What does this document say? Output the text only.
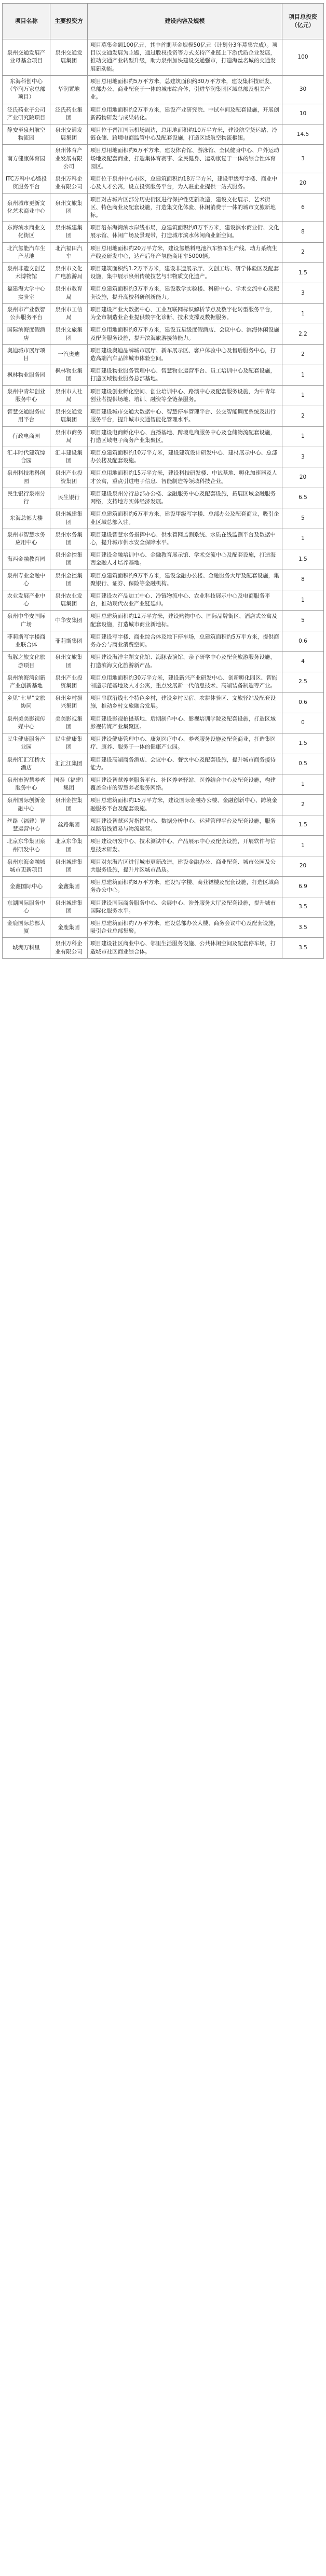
项目名称	主要投资方	建设内容及规模	项目总投资（亿元）
泉州交通发展产业母基金项目	泉州交通发展集团	项目募集金额100亿元，其中首期基金规模50亿元（计划分3年募集完成）。项目以交通发展为主题，通过股权投资等方式支持产业链上下游优质企业发展，推动交通产业转型升级，助力泉州加快建设交通强市，打造海丝名城的交通发展新动能。	100
东海科创中心（华润万家总部项目）	华润置地	项目总用地面积约5万平方米，总建筑面积约30万平方米，建设集科技研发、总部办公、商业配套于一体的城市综合体，引进华润集团区域总部及相关产业。	30
泛氏药业子公司产业研究院项目	泛氏药业集团	项目总用地面积约2万平方米，建设产业研究院、中试车间及配套设施，开展创新药物研发与成果转化。	10
静安至泉州航空物流园	泉州交通发展集团	项目位于晋江国际机场周边，总用地面积约10万平方米，建设航空货运站、冷链仓储、跨境电商监管中心及配套设施，打造区域航空物流枢纽。	14.5
南方健康体育园	泉州体育产业发展有限公司	项目总用地面积约6万平方米，建设体育馆、游泳馆、全民健身中心、户外运动场地及配套商业，打造集体育赛事、全民健身、运动康复于一体的综合性体育园区。	3
ITC万科中心暨投资服务平台	泉州万科企业有限公司	项目位于泉州中心市区，总建筑面积约18万平方米，建设甲级写字楼、商业中心及人才公寓，设立投资服务平台，为入驻企业提供一站式服务。	20
泉州城市更新文化艺术商业中心	泉州文旅集团	项目对古城片区部分历史街区进行保护性更新改造，建设文化展示、艺术街区、特色商业及配套设施，打造集文化体验、休闲消费于一体的城市文旅新地标。	6
东海滨水商业文化街区	泉州城建集团	项目沿东海湾滨水岸线布局，总建筑面积约8万平方米，建设滨水商业街、文化展示馆、休闲广场及景观带，打造城市滨水休闲商业新空间。	8
北汽氢能汽车生产基地	北汽福田汽车	项目总用地面积约20万平方米，建设氢燃料电池汽车整车生产线、动力系统生产线及研发中心，达产后年产氢能商用车5000辆。	2
泉州非遗文创艺术博物馆	泉州市文化广电旅游局	项目建筑面积约1.2万平方米，建设非遗展示厅、文创工坊、研学体验区及配套设施，集中展示泉州传统技艺与非物质文化遗产。	1.5
福建海大学中心实验室	泉州市教育局	项目总建筑面积约3万平方米，建设教学实验楼、科研中心、学术交流中心及配套设施，提升高校科研创新能力。	3
泉州市产业数智公共服务平台	泉州市工信局	项目建设产业大数据中心、工业互联网标识解析节点及数字化转型服务平台，为全市制造业企业提供数字化诊断、技术支撑及数据服务。	1
国际滨海度假酒店	泉州文旅集团	项目总用地面积约8万平方米，建设五星级度假酒店、会议中心、滨海休闲设施及配套服务设施，提升滨海旅游接待能力。	2.2
奥迪城市展厅项目	一汽奥迪	项目建设奥迪品牌城市展厅、新车展示区、客户体验中心及售后服务中心，打造高端汽车品牌城市体验空间。	2
枫林物业服务园	枫林物业集团	项目建设物业服务管理中心、智慧物业运营平台、员工培训中心及配套设施，打造区域物业服务总部基地。	1
泉州中青年创业服务中心	泉州市人社局	项目建设创业孵化空间、创业培训中心、路演中心及配套服务设施，为中青年创业者提供场地、培训、融资等全链条服务。	1
智慧交通服务应用平台	泉州交通发展集团	项目建设城市交通大数据中心、智慧停车管理平台、公交智能调度系统及出行服务平台，提升城市交通智能化管理水平。	2
行政电商园	泉州市商务局	项目建设电商孵化中心、直播基地、跨境电商服务中心及仓储物流配套设施，打造区域电子商务产业集聚区。	1
汇丰时代建筑综合园	汇丰建设集团	项目总建筑面积约10万平方米，建设建筑设计研发中心、建材展示中心、总部办公楼及配套设施。	3
泉州科技港科创园	泉州产业投资集团	项目总用地面积约15万平方米，建设科技研发楼、中试基地、孵化加速器及人才公寓，重点引进电子信息、智能制造等领域科技企业。	20
民生银行泉州分行	民生银行	项目建设泉州分行总部办公楼、金融服务中心及配套设施，拓展区域金融服务网络，支持地方实体经济发展。	6.5
东海总部大楼	泉州城建集团	项目总建筑面积约6万平方米，建设甲级写字楼、总部办公及配套商业，吸引企业区域总部入驻。	5
泉州市智慧水务应用中心	泉州水务集团	项目建设智慧水务指挥中心、供水管网监测系统、水质在线监测平台及数据中心，提升城市供水安全保障水平。	1
海西金融教育园	泉州金控集团	项目建设金融培训中心、金融教育展示馆、学术交流中心及配套设施，打造海西金融人才培养基地。	1.5
泉州专业金融中心	泉州金控集团	项目总建筑面积约9万平方米，建设金融办公楼、金融服务大厅及配套设施，集聚银行、证券、保险等金融机构。	8
农业发展产业中心	泉州农业发展集团	项目建设农产品加工中心、冷链物流中心、农业科技展示中心及电商服务平台，推动现代农业产业链延伸。	1
泉州中华安国际广场	中华安集团	项目总建筑面积约12万平方米，建设购物中心、国际品牌街区、酒店式公寓及配套设施，打造城市商业新地标。	5
菲莉斯写字楼商业联合体	菲莉斯集团	项目建设写字楼、商业综合体及地下停车场，总建筑面积约5万平方米，提供商务办公与商业消费空间。	0.6
海豚之旅文化旅游项目	泉州文旅集团	项目建设海洋主题文化馆、海豚表演馆、亲子研学中心及配套旅游服务设施，打造滨海文化旅游新产品。	4
泉州滨海湾创新产业创新基地	泉州产业投资集团	项目总用地面积约30万平方米，建设新兴产业研发中心、创新孵化园区、智能制造示范基地及人才公寓，重点发展新一代信息技术、高端装备制造等产业。	2.5
乡见“七星”文旅协同	泉州乡村振兴集团	项目串联沿线七个特色乡村，建设乡村民宿、农耕体验区、文旅驿站及配套设施，推动乡村文旅融合发展。	0.6
泉州美美影视传媒中心	美美影视集团	项目建设影视拍摄基地、后期制作中心、影视培训学院及配套设施，打造区域影视传媒产业集聚区。	0
民生健康服务产业园	民生健康集团	项目建设健康管理中心、康复医疗中心、养老服务设施及配套商业，打造集医疗、康养、服务于一体的健康产业园。	1.5
泉州汇汇江桥大酒店	汇汇江集团	项目建设高端商务酒店、会议中心、餐饮中心及配套设施，提升城市商务接待能力。	0.5
泉州市智慧养老服务中心	国泰（福建）集团	项目建设智慧养老服务平台、社区养老驿站、医养结合中心及配套设施，构建覆盖全市的智慧养老服务网络。	1
泉州国际创新金融中心	泉州金控集团	项目总建筑面积约15万平方米，建设国际金融办公楼、金融创新中心、跨境金融服务平台及配套设施。	2
丝路（福建）智慧运营中心	丝路集团	项目建设智慧运营指挥中心、数据分析中心、运营管理平台及配套设施，服务丝路沿线贸易与物流运营。	1.5
北京东华集团泉州研发中心	北京东华集团	项目建设研发中心、技术测试中心、产品展示中心及配套设施，开展软件与信息技术研发。	1
泉州东海金融城城市更新项目	泉州城建集团	项目对东海片区进行城市更新改造，建设金融办公、商业配套、城市公园及公共服务设施，提升片区城市品质。	20
金鑫国际中心	金鑫集团	项目总建筑面积约8万平方米，建设写字楼、商业裙楼及配套设施，打造区域商务办公中心。	6.9
东湖国际服务中心	泉州城建集团	项目建设国际商务服务中心、会展中心、涉外服务大厅及配套设施，提升城市国际化服务水平。	3.5
金鹿国际总部大厦	金鹿集团	项目总建筑面积约7万平方米，建设总部办公大楼、商务会议中心及配套设施，吸引企业总部集聚。	3.5
城湖万科里	泉州万科企业有限公司	项目建设社区商业中心、邻里生活服务设施、公共休闲空间及配套停车场，打造城市社区商业综合体。	3.5
